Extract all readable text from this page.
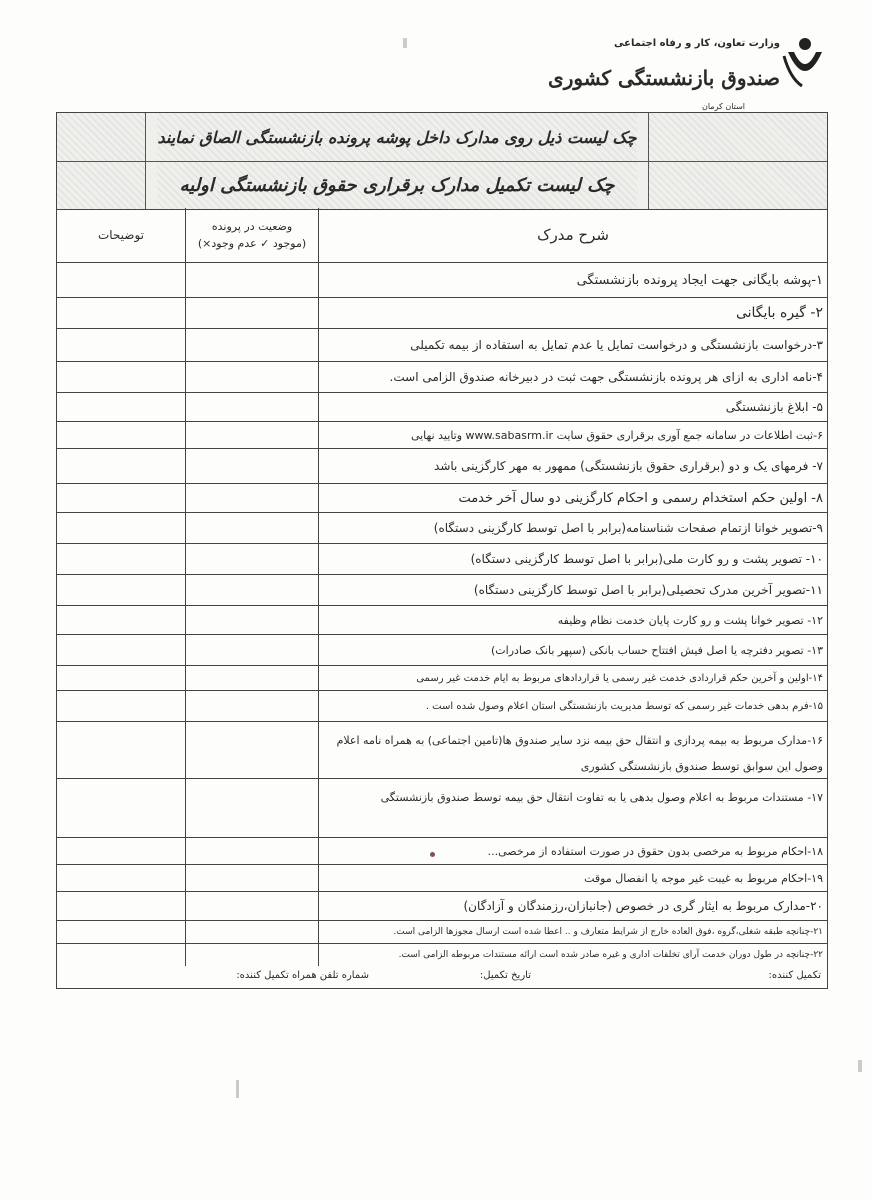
وزارت تعاون، کار و رفاه اجتماعی
صندوق بازنشستگی کشوری
استان کرمان
چک لیست ذیل روی مدارک داخل پوشه پرونده بازنشستگی الصاق نمایند
چک لیست تکمیل مدارک برقراری حقوق بازنشستگی اولیه
شرح مدرک
وضعیت در پرونده
(موجود ✓ عدم وجود×)
توضیحات
۱-پوشه بایگانی جهت ایجاد پرونده بازنشستگی
۲- گیره بایگانی
۳-درخواست بازنشستگی و درخواست تمایل یا عدم تمایل به استفاده از بیمه تکمیلی
۴-نامه اداری به ازای هر پرونده بازنشستگی جهت ثبت در دبیرخانه صندوق الزامی است.
۵- ابلاغ بازنشستگی
۶-ثبت اطلاعات در سامانه جمع آوری برقراری حقوق سایت www.sabasrm.ir وتایید نهایی
۷- فرمهای یک و دو (برقراری حقوق بازنشستگی) ممهور به مهر کارگزینی باشد
۸- اولین حکم استخدام رسمی و احکام کارگزینی دو سال آخر خدمت
۹-تصویر خوانا ازتمام صفحات شناسنامه(برابر با اصل توسط کارگزینی دستگاه)
۱۰- تصویر پشت و رو کارت ملی(برابر با اصل توسط کارگزینی دستگاه)
۱۱-تصویر آخرین مدرک تحصیلی(برابر با اصل توسط کارگزینی دستگاه)
۱۲- تصویر خوانا پشت و رو کارت پایان خدمت نظام وظیفه
۱۳- تصویر دفترچه یا اصل فیش افتتاح حساب بانکی (سپهر بانک صادرات)
۱۴-اولین و آخرین حکم قراردادی خدمت غیر رسمی یا قراردادهای مربوط به ایام خدمت غیر رسمی
۱۵-فرم بدهی خدمات غیر رسمی که توسط مدیریت بازنشستگی استان اعلام وصول شده است .
۱۶-مدارک مربوط به بیمه پردازی و انتقال حق بیمه نزد سایر صندوق ها(تامین اجتماعی) به همراه نامه اعلام وصول این سوابق توسط صندوق بازنشستگی کشوری
۱۷- مستندات مربوط به اعلام وصول بدهی یا به تفاوت انتقال حق بیمه توسط صندوق بازنشستگی
۱۸-احکام مربوط به مرخصی بدون حقوق در صورت استفاده از مرخصی...
۱۹-احکام مربوط به غیبت غیر موجه یا انفصال موقت
۲۰-مدارک مربوط به ایثار گری در خصوص (جانبازان،رزمندگان و آزادگان)
۲۱-چنانچه طبقه شغلی،گروه ،فوق العاده خارج از شرایط متعارف و .. اعطا شده است ارسال مجوزها الزامی است.
۲۲-چنانچه در طول دوران خدمت آرای تخلفات اداری و غیره صادر شده است ارائه مستندات مربوطه الزامی است.
تکمیل کننده:
تاریخ تکمیل:
شماره تلفن همراه تکمیل کننده:
